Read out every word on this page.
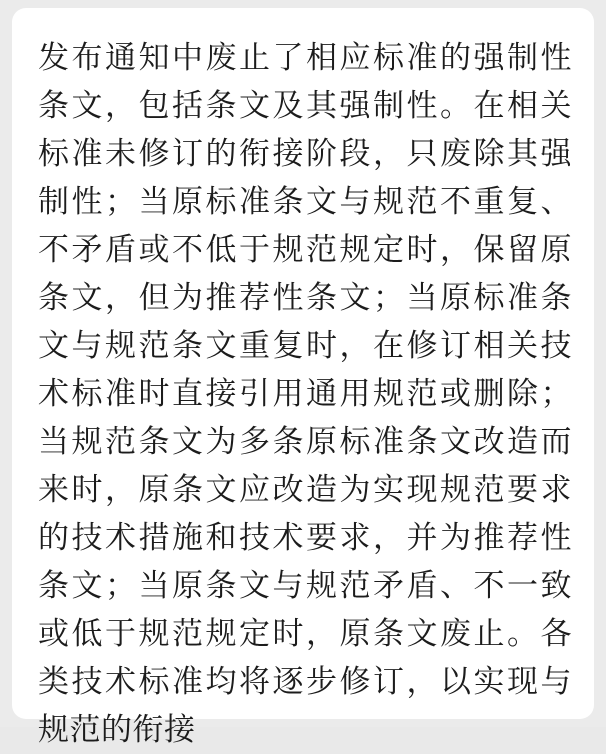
发布通知中废止了相应标准的强制性条文，包括条文及其强制性。在相关标准未修订的衔接阶段，只废除其强制性；当原标准条文与规范不重复、不矛盾或不低于规范规定时，保留原条文，但为推荐性条文；当原标准条文与规范条文重复时，在修订相关技术标准时直接引用通用规范或删除；当规范条文为多条原标准条文改造而来时，原条文应改造为实现规范要求的技术措施和技术要求，并为推荐性条文；当原条文与规范矛盾、不一致或低于规范规定时，原条文废止。各类技术标准均将逐步修订，以实现与规范的衔接
